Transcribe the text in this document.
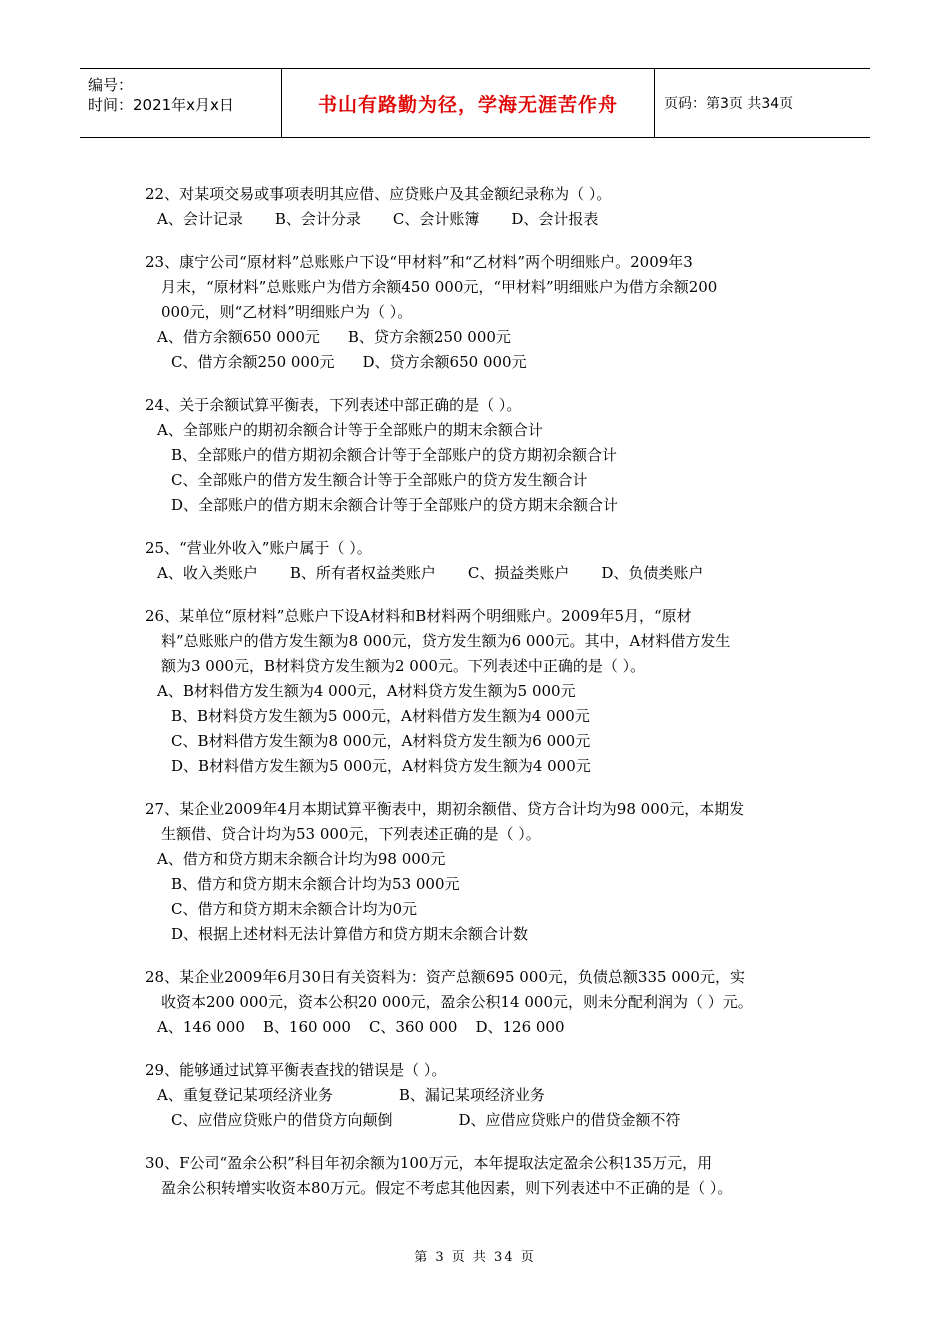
编号：
时间：2021年x月x日	书山有路勤为径，学海无涯苦作舟	页码：第3页 共34页
22、对某项交易或事项表明其应借、应贷账户及其金额纪录称为（ ）。
A、会计记录 B、会计分录 C、会计账簿 D、会计报表
23、康宁公司“原材料”总账账户下设“甲材料”和“乙材料”两个明细账户。2009年3
月末，“原材料”总账账户为借方余额450 000元，“甲材料”明细账户为借方余额200
000元，则“乙材料”明细账户为（ ）。
A、借方余额650 000元 B、贷方余额250 000元
C、借方余额250 000元 D、贷方余额650 000元
24、关于余额试算平衡表，下列表述中部正确的是（ ）。
A、全部账户的期初余额合计等于全部账户的期末余额合计
B、全部账户的借方期初余额合计等于全部账户的贷方期初余额合计
C、全部账户的借方发生额合计等于全部账户的贷方发生额合计
D、全部账户的借方期末余额合计等于全部账户的贷方期末余额合计
25、“营业外收入”账户属于（ ）。
A、收入类账户 B、所有者权益类账户 C、损益类账户 D、负债类账户
26、某单位“原材料”总账户下设A材料和B材料两个明细账户。2009年5月，“原材
料”总账账户的借方发生额为8 000元，贷方发生额为6 000元。其中，A材料借方发生
额为3 000元，B材料贷方发生额为2 000元。下列表述中正确的是（ ）。
A、B材料借方发生额为4 000元，A材料贷方发生额为5 000元
B、B材料贷方发生额为5 000元，A材料借方发生额为4 000元
C、B材料借方发生额为8 000元，A材料贷方发生额为6 000元
D、B材料借方发生额为5 000元，A材料贷方发生额为4 000元
27、某企业2009年4月本期试算平衡表中，期初余额借、贷方合计均为98 000元，本期发
生额借、贷合计均为53 000元，下列表述正确的是（ ）。
A、借方和贷方期末余额合计均为98 000元
B、借方和贷方期末余额合计均为53 000元
C、借方和贷方期末余额合计均为0元
D、根据上述材料无法计算借方和贷方期末余额合计数
28、某企业2009年6月30日有关资料为：资产总额695 000元，负债总额335 000元，实
收资本200 000元，资本公积20 000元，盈余公积14 000元，则未分配利润为（ ）元。
A、146 000 B、160 000 C、360 000 D、126 000
29、能够通过试算平衡表查找的错误是（ ）。
A、重复登记某项经济业务	B、漏记某项经济业务
C、应借应贷账户的借贷方向颠倒	D、应借应贷账户的借贷金额不符
30、F公司“盈余公积”科目年初余额为100万元，本年提取法定盈余公积135万元，用
盈余公积转增实收资本80万元。假定不考虑其他因素，则下列表述中不正确的是（ ）。
第 3 页 共 34 页
